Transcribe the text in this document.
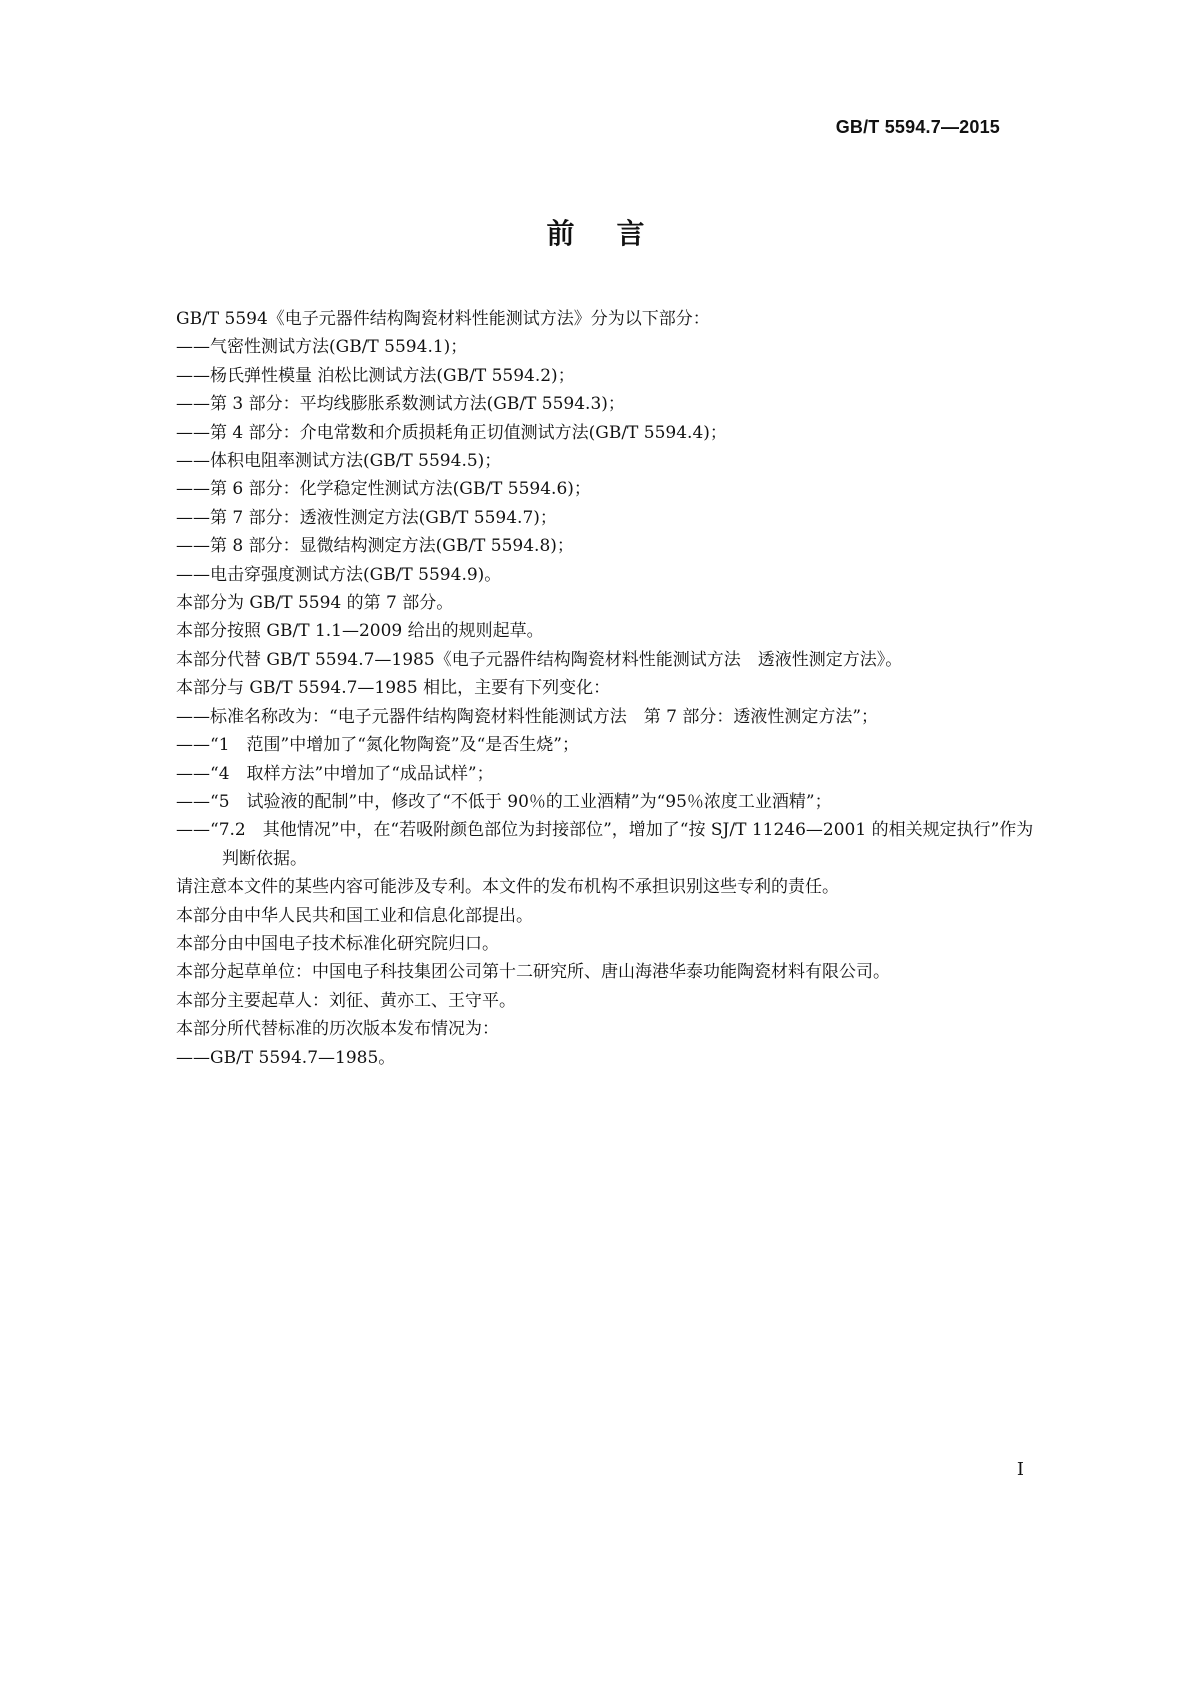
GB/T 5594.7—2015
前言
GB/T 5594《电子元器件结构陶瓷材料性能测试方法》分为以下部分：
——气密性测试方法(GB/T 5594.1)；
——杨氏弹性模量 泊松比测试方法(GB/T 5594.2)；
——第 3 部分：平均线膨胀系数测试方法(GB/T 5594.3)；
——第 4 部分：介电常数和介质损耗角正切值测试方法(GB/T 5594.4)；
——体积电阻率测试方法(GB/T 5594.5)；
——第 6 部分：化学稳定性测试方法(GB/T 5594.6)；
——第 7 部分：透液性测定方法(GB/T 5594.7)；
——第 8 部分：显微结构测定方法(GB/T 5594.8)；
——电击穿强度测试方法(GB/T 5594.9)。
本部分为 GB/T 5594 的第 7 部分。
本部分按照 GB/T 1.1—2009 给出的规则起草。
本部分代替 GB/T 5594.7—1985《电子元器件结构陶瓷材料性能测试方法　透液性测定方法》。
本部分与 GB/T 5594.7—1985 相比，主要有下列变化：
——标准名称改为：“电子元器件结构陶瓷材料性能测试方法　第 7 部分：透液性测定方法”；
——“1　范围”中增加了“氮化物陶瓷”及“是否生烧”；
——“4　取样方法”中增加了“成品试样”；
——“5　试验液的配制”中，修改了“不低于 90％的工业酒精”为“95％浓度工业酒精”；
——“7.2　其他情况”中，在“若吸附颜色部位为封接部位”，增加了“按 SJ/T 11246—2001 的相关规定执行”作为判断依据。
请注意本文件的某些内容可能涉及专利。本文件的发布机构不承担识别这些专利的责任。
本部分由中华人民共和国工业和信息化部提出。
本部分由中国电子技术标准化研究院归口。
本部分起草单位：中国电子科技集团公司第十二研究所、唐山海港华泰功能陶瓷材料有限公司。
本部分主要起草人：刘征、黄亦工、王守平。
本部分所代替标准的历次版本发布情况为：
——GB/T 5594.7—1985。
I
